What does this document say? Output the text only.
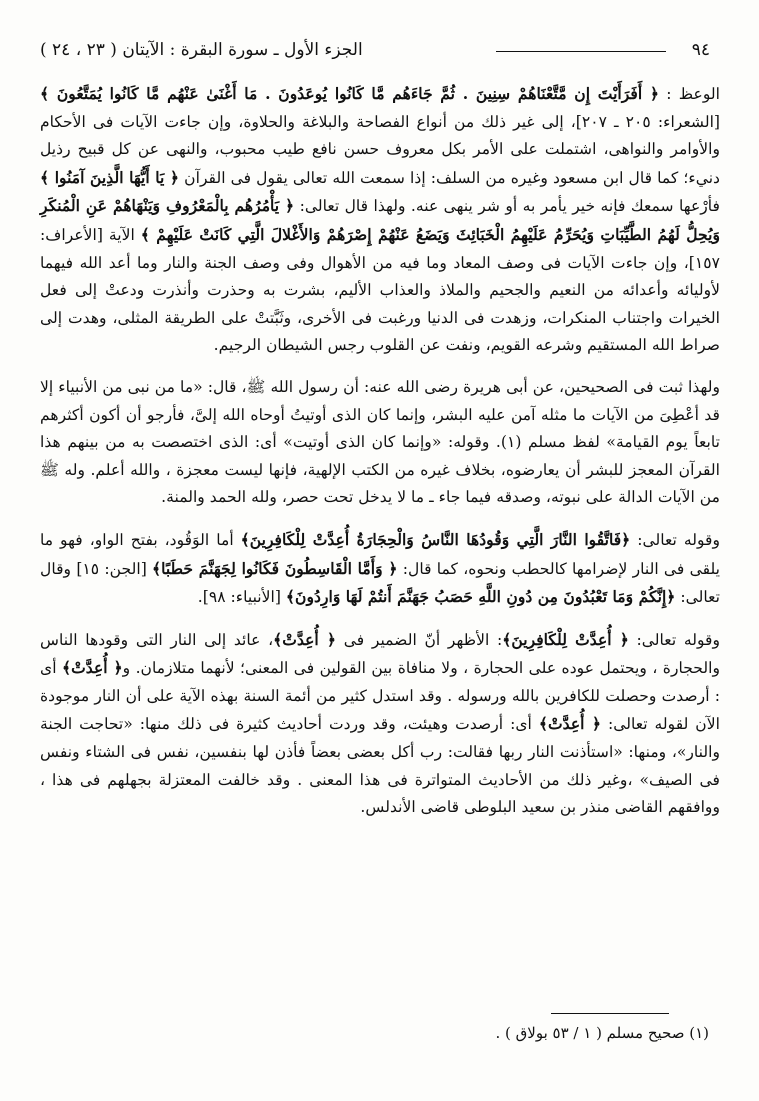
٩٤
الجزء الأول ـ سورة البقرة : الآيتان ( ٢٣ ، ٢٤ )

الوعظ : ﴿ أَفَرَأَيْتَ إِن مَّتَّعْنَاهُمْ سِنِينَ . ثُمَّ جَاءَهُم مَّا كَانُوا يُوعَدُونَ . مَا أَغْنَىٰ عَنْهُم مَّا كَانُوا يُمَتَّعُونَ ﴾ [الشعراء: ٢٠٥ ـ ٢٠٧]، إلى غير ذلك من أنواع الفصاحة والبلاغة والحلاوة، وإن جاءت الآيات فى الأحكام والأوامر والنواهى، اشتملت على الأمر بكل معروف حسن نافع طيب محبوب، والنهى عن كل قبيح رذيل دنيء؛ كما قال ابن مسعود وغيره من السلف: إذا سمعت الله تعالى يقول فى القرآن ﴿ يَا أَيُّهَا الَّذِينَ آمَنُوا ﴾ فأرْعها سمعك فإنه خير يأمر به أو شر ينهى عنه. ولهذا قال تعالى: ﴿ يَأْمُرُهُم بِالْمَعْرُوفِ وَيَنْهَاهُمْ عَنِ الْمُنكَرِ وَيُحِلُّ لَهُمُ الطَّيِّبَاتِ وَيُحَرِّمُ عَلَيْهِمُ الْخَبَائِثَ وَيَضَعُ عَنْهُمْ إِصْرَهُمْ وَالأَغْلالَ الَّتِي كَانَتْ عَلَيْهِمْ ﴾ الآية [الأعراف: ١٥٧]، وإن جاءت الآيات فى وصف المعاد وما فيه من الأهوال وفى وصف الجنة والنار وما أعد الله فيهما لأوليائه وأعدائه من النعيم والجحيم والملاذ والعذاب الأليم، بشرت به وحذرت وأنذرت ودعتْ إلى فعل الخيرات واجتناب المنكرات، وزهدت فى الدنيا ورغبت فى الأخرى، وثَبَّتتْ على الطريقة المثلى، وهدت إلى صراط الله المستقيم وشرعه القويم، ونفت عن القلوب رجس الشيطان الرجيم.

ولهذا ثبت فى الصحيحين، عن أبى هريرة رضى الله عنه: أن رسول الله ﷺ، قال: «ما من نبى من الأنبياء إلا قد أعْطِىَ من الآيات ما مثله آمن عليه البشر، وإنما كان الذى أوتيتُ أوحاه الله إلىَّ، فأرجو أن أكون أكثرهم تابعاً يوم القيامة» لفظ مسلم (١). وقوله: «وإنما كان الذى أوتيت» أى: الذى اختصصت به من بينهم هذا القرآن المعجز للبشر أن يعارضوه، بخلاف غيره من الكتب الإلهية، فإنها ليست معجزة ، والله أعلم. وله ﷺ من الآيات الدالة على نبوته، وصدقه فيما جاء ـ ما لا يدخل تحت حصر، ولله الحمد والمنة.

وقوله تعالى: ﴿فَاتَّقُوا النَّارَ الَّتِي وَقُودُهَا النَّاسُ وَالْحِجَارَةُ أُعِدَّتْ لِلْكَافِرِينَ﴾ أما الوَقُود، بفتح الواو، فهو ما يلقى فى النار لإضرامها كالحطب ونحوه، كما قال: ﴿ وَأَمَّا الْقَاسِطُونَ فَكَانُوا لِجَهَنَّمَ حَطَبًا﴾ [الجن: ١٥] وقال تعالى: ﴿إِنَّكُمْ وَمَا تَعْبُدُونَ مِن دُونِ اللَّهِ حَصَبُ جَهَنَّمَ أَنتُمْ لَهَا وَارِدُونَ﴾ [الأنبياء: ٩٨].

وقوله تعالى: ﴿ أُعِدَّتْ لِلْكَافِرِينَ﴾: الأظهر أنّ الضمير فى ﴿ أُعِدَّتْ﴾، عائد إلى النار التى وقودها الناس والحجارة ، ويحتمل عوده على الحجارة ، ولا منافاة بين القولين فى المعنى؛ لأنهما متلازمان. و﴿ أُعِدَّتْ﴾ أى : أرصدت وحصلت للكافرين بالله ورسوله . وقد استدل كثير من أئمة السنة بهذه الآية على أن النار موجودة الآن لقوله تعالى: ﴿ أُعِدَّتْ﴾ أى: أرصدت وهيئت، وقد وردت أحاديث كثيرة فى ذلك منها: «تحاجت الجنة والنار»، ومنها: «استأذنت النار ربها فقالت: رب أكل بعضى بعضاً فأذن لها بنفسين، نفس فى الشتاء ونفس فى الصيف» ،وغير ذلك من الأحاديث المتواترة فى هذا المعنى . وقد خالفت المعتزلة بجهلهم فى هذا ، ووافقهم القاضى منذر بن سعيد البلوطى قاضى الأندلس.

(١) صحيح مسلم ( ١ / ٥٣ بولاق ) .
